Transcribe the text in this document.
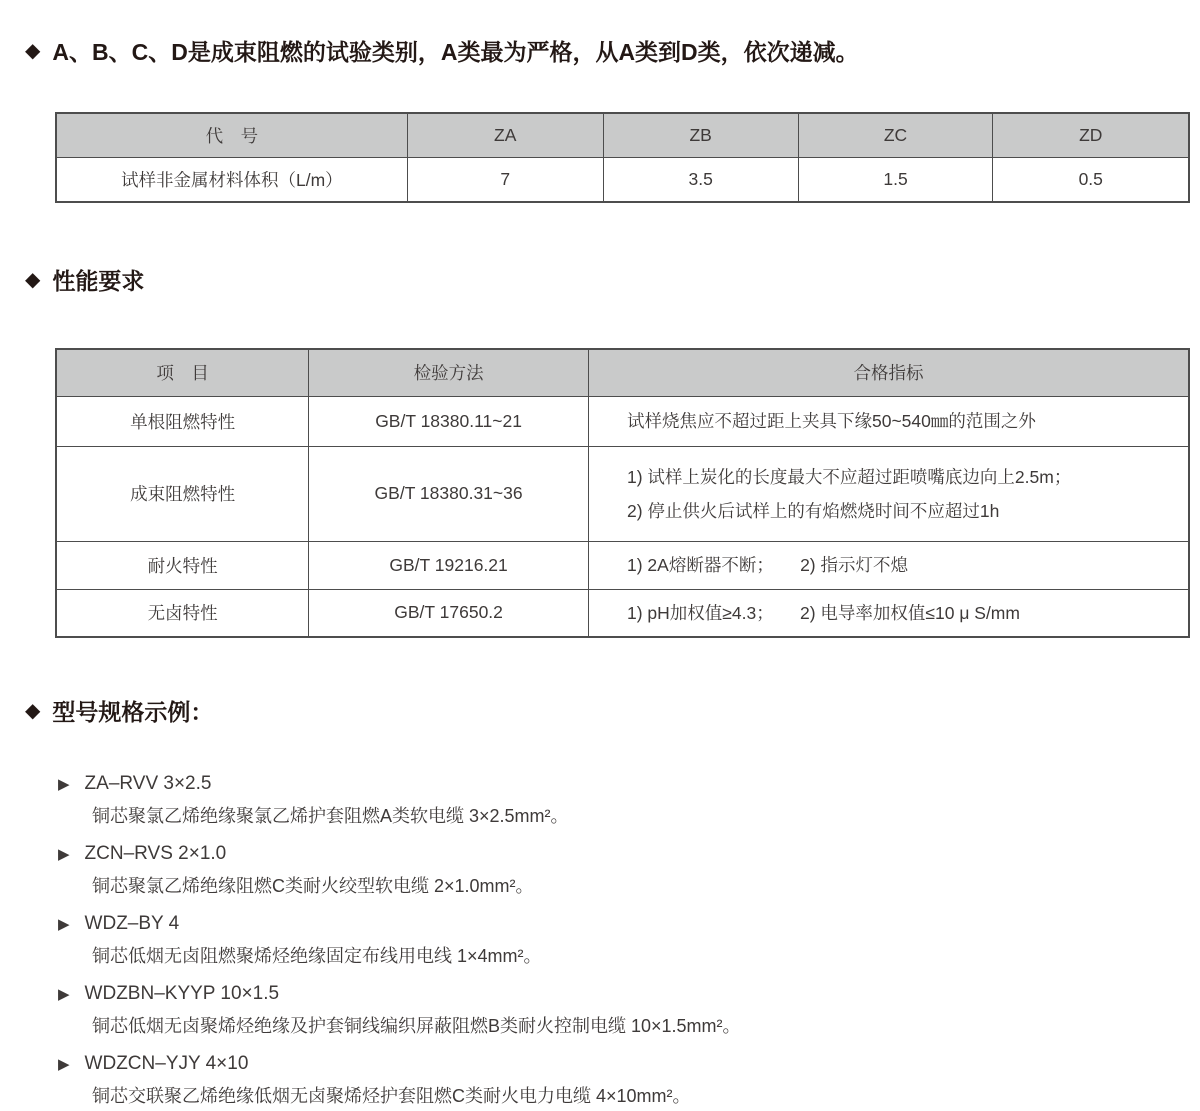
◆ A、B、C、D是成束阻燃的试验类别，A类最为严格，从A类到D类，依次递减。
代　号	ZA	ZB	ZC	ZD
试样非金属材料体积（L/m）	7	3.5	1.5	0.5
◆ 性能要求
项　目	检验方法	合格指标
单根阻燃特性	GB/T 18380.11~21	试样烧焦应不超过距上夹具下缘50~540㎜的范围之外

成束阻燃特性	GB/T 18380.31~36	1) 试样上炭化的长度最大不应超过距喷嘴底边向上2.5m；
2) 停止供火后试样上的有焰燃烧时间不应超过1h

耐火特性	GB/T 19216.21	1) 2A熔断器不断；　　2) 指示灯不熄

无卤特性	GB/T 17650.2	1) pH加权值≥4.3；　　2) 电导率加权值≤10 μ S/mm
◆ 型号规格示例：
▶ ZA–RVV 3×2.5
铜芯聚氯乙烯绝缘聚氯乙烯护套阻燃A类软电缆 3×2.5mm²。
▶ ZCN–RVS 2×1.0
铜芯聚氯乙烯绝缘阻燃C类耐火绞型软电缆 2×1.0mm²。
▶ WDZ–BY 4
铜芯低烟无卤阻燃聚烯烃绝缘固定布线用电线 1×4mm²。
▶ WDZBN–KYYP 10×1.5
铜芯低烟无卤聚烯烃绝缘及护套铜线编织屏蔽阻燃B类耐火控制电缆 10×1.5mm²。
▶ WDZCN–YJY 4×10
铜芯交联聚乙烯绝缘低烟无卤聚烯烃护套阻燃C类耐火电力电缆 4×10mm²。
